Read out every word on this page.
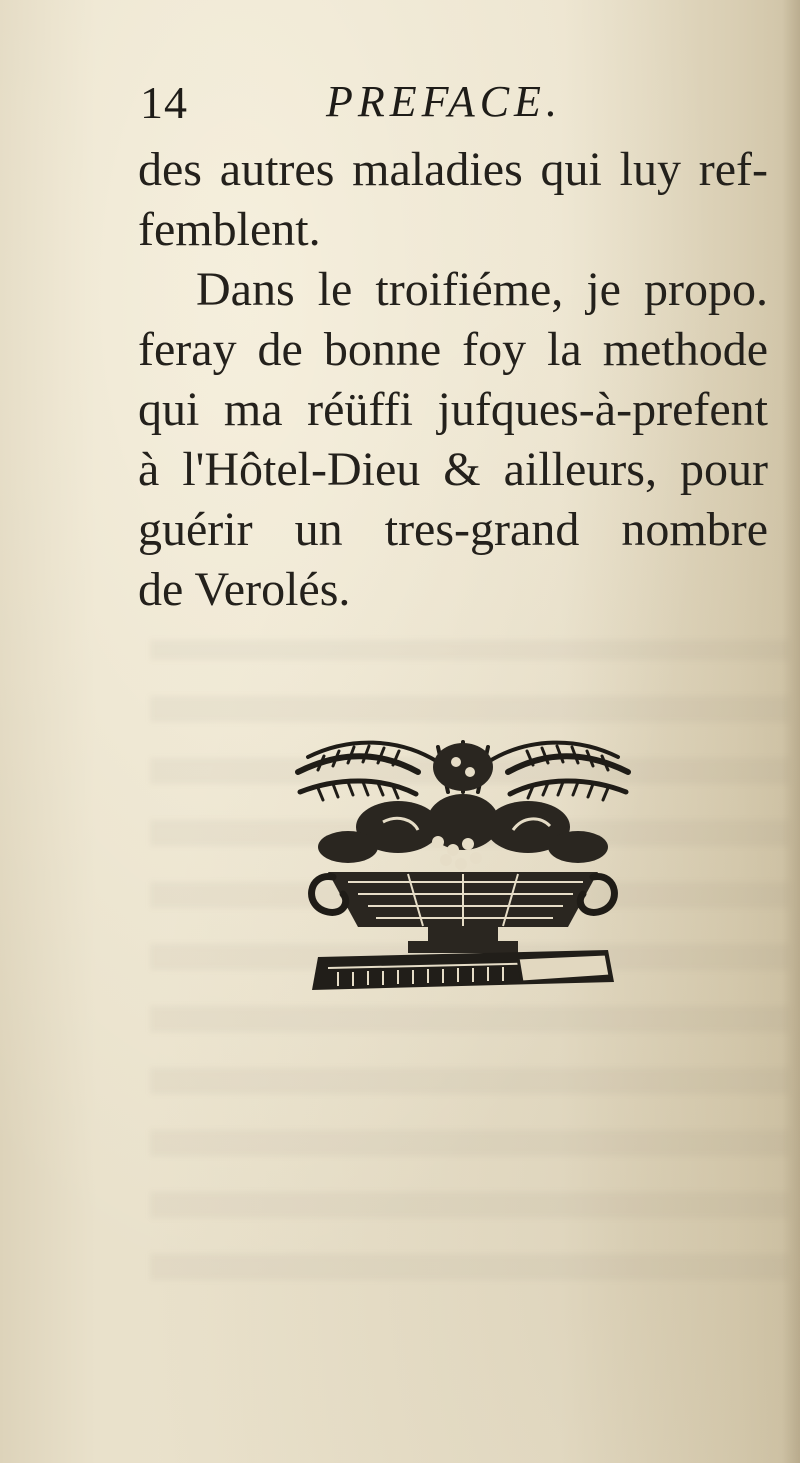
14	PREFACE.
des autres maladies qui luy ref-
femblent.
Dans le troifiéme, je propo.
feray de bonne foy la methode
qui ma réüffi jufques-à-prefent
à l'Hôtel-Dieu & ailleurs, pour
guérir un tres-grand nombre
de Verolés.
